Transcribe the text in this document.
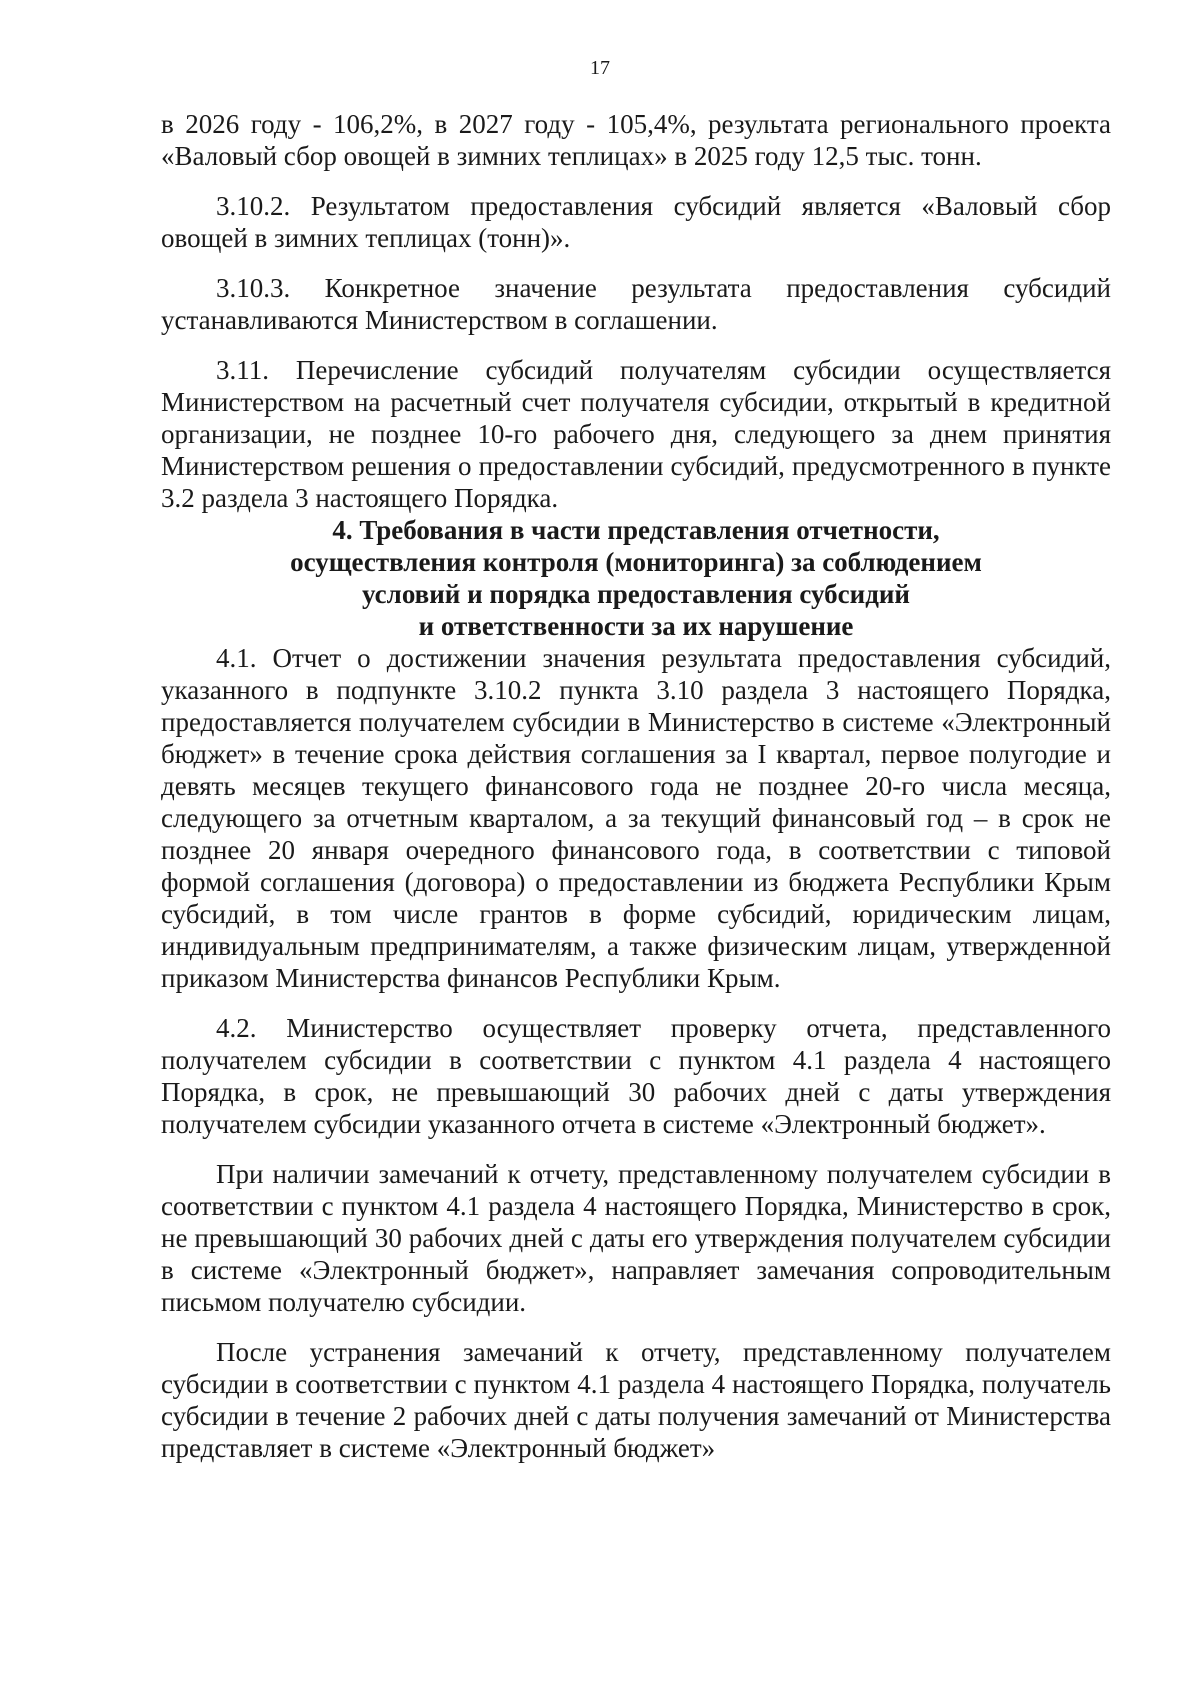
17

в 2026 году - 106,2%, в 2027 году - 105,4%, результата регионального проекта «Валовый сбор овощей в зимних теплицах» в 2025 году 12,5 тыс. тонн.

3.10.2. Результатом предоставления субсидий является «Валовый сбор овощей в зимних теплицах (тонн)».

3.10.3. Конкретное значение результата предоставления субсидий устанавливаются Министерством в соглашении.

3.11. Перечисление субсидий получателям субсидии осуществляется Министерством на расчетный счет получателя субсидии, открытый в кредитной организации, не позднее 10-го рабочего дня, следующего за днем принятия Министерством решения о предоставлении субсидий, предусмотренного в пункте 3.2 раздела 3 настоящего Порядка.

4. Требования в части представления отчетности,
осуществления контроля (мониторинга) за соблюдением
условий и порядка предоставления субсидий
и ответственности за их нарушение

4.1. Отчет о достижении значения результата предоставления субсидий, указанного в подпункте 3.10.2 пункта 3.10 раздела 3 настоящего Порядка, предоставляется получателем субсидии в Министерство в системе «Электронный бюджет» в течение срока действия соглашения за I квартал, первое полугодие и девять месяцев текущего финансового года не позднее 20-го числа месяца, следующего за отчетным кварталом, а за текущий финансовый год – в срок не позднее 20 января очередного финансового года, в соответствии с типовой формой соглашения (договора) о предоставлении из бюджета Республики Крым субсидий, в том числе грантов в форме субсидий, юридическим лицам, индивидуальным предпринимателям, а также физическим лицам, утвержденной приказом Министерства финансов Республики Крым.

4.2. Министерство осуществляет проверку отчета, представленного получателем субсидии в соответствии с пунктом 4.1 раздела 4 настоящего Порядка, в срок, не превышающий 30 рабочих дней с даты утверждения получателем субсидии указанного отчета в системе «Электронный бюджет».

При наличии замечаний к отчету, представленному получателем субсидии в соответствии с пунктом 4.1 раздела 4 настоящего Порядка, Министерство в срок, не превышающий 30 рабочих дней с даты его утверждения получателем субсидии в системе «Электронный бюджет», направляет замечания сопроводительным письмом получателю субсидии.

После устранения замечаний к отчету, представленному получателем субсидии в соответствии с пунктом 4.1 раздела 4 настоящего Порядка, получатель субсидии в течение 2 рабочих дней с даты получения замечаний от Министерства представляет в системе «Электронный бюджет»
